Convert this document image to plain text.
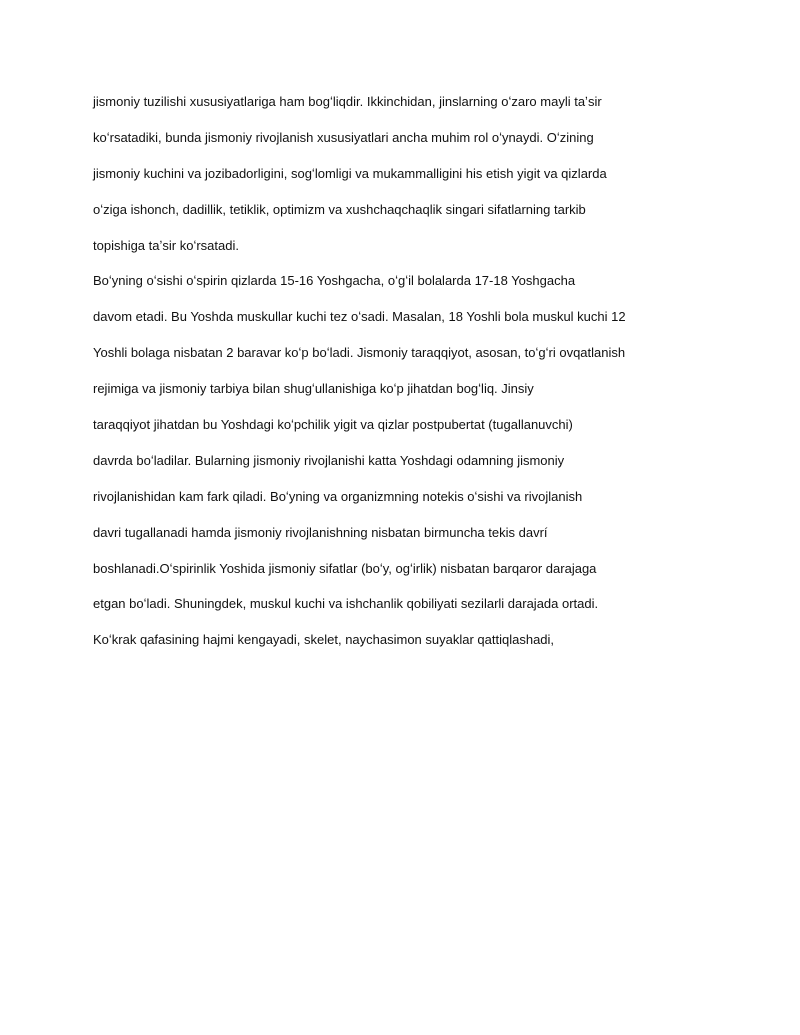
jismoniy tuzilishi xususiyatlariga ham bogʻliqdir. Ikkinchidan, jinslarning oʻzaro mayli taʼsir

koʻrsatadiki, bunda jismoniy rivojlanish xususiyatlari ancha muhim rol oʻynaydi. Oʻzining

jismoniy kuchini va jozibadorligini, sogʻlomligi va mukammalligini his etish yigit va qizlarda

oʻziga ishonch, dadillik, tetiklik, optimizm va xushchaqchaqlik singari sifatlarning tarkib

topishiga taʼsir koʻrsatadi.

Boʻyning oʻsishi oʻspirin qizlarda 15-16 Yoshgacha, oʻgʻil bolalarda 17-18 Yoshgacha

davom etadi. Bu Yoshda muskullar kuchi tez oʻsadi. Masalan, 18 Yoshli bola muskul kuchi 12

Yoshli bolaga nisbatan 2 baravar koʻp boʻladi. Jismoniy taraqqiyot, asosan, toʻgʻri ovqatlanish

rejimiga va jismoniy tarbiya bilan shugʻullanishiga koʻp jihatdan bogʻliq. Jinsiy

taraqqiyot jihatdan bu Yoshdagi koʻpchilik yigit va qizlar postpubertat (tugallanuvchi)

davrda boʻladilar. Bularning jismoniy rivojlanishi katta Yoshdagi odamning jismoniy

rivojlanishidan kam fark qiladi. Boʻyning va organizmning notekis oʻsishi va rivojlanish

davri tugallanadi hamda jismoniy rivojlanishning nisbatan birmuncha tekis davrí

boshlanadi.Oʻspirinlik Yoshida jismoniy sifatlar (boʻy, ogʻirlik) nisbatan barqaror darajaga

etgan boʻladi. Shuningdek, muskul kuchi va ishchanlik qobiliyati sezilarli darajada ortadi.

Koʻkrak qafasining hajmi kengayadi, skelet, naychasimon suyaklar qattiqlashadi,
